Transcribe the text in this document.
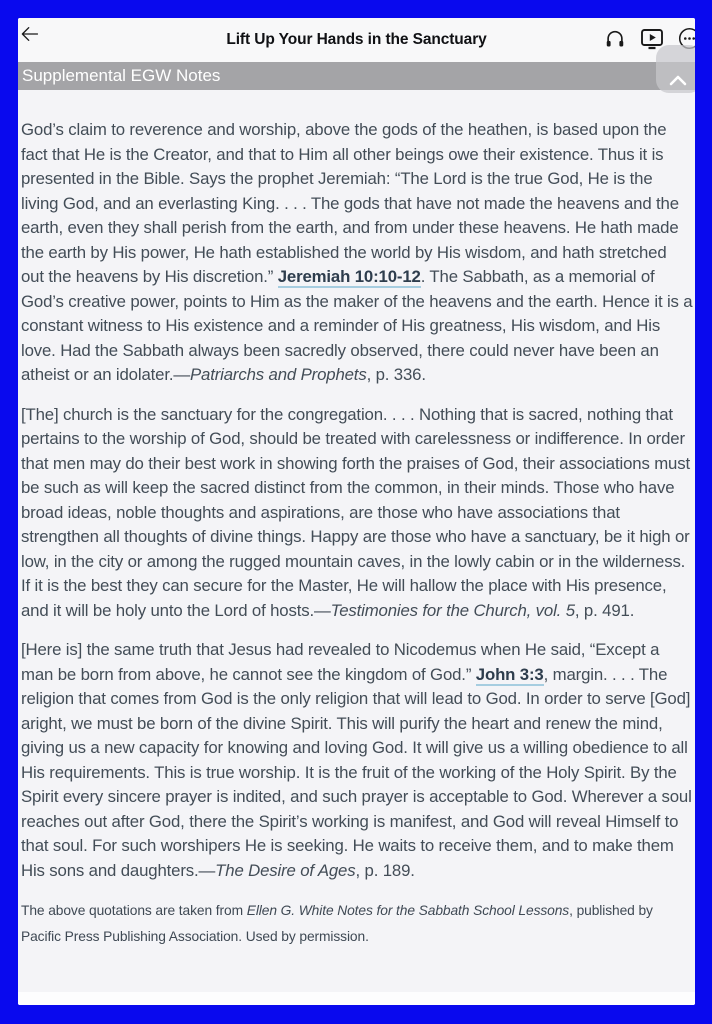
Lift Up Your Hands in the Sanctuary
Supplemental EGW Notes

God’s claim to reverence and worship, above the gods of the heathen, is based upon the fact that He is the Creator, and that to Him all other beings owe their existence. Thus it is presented in the Bible. Says the prophet Jeremiah: “The Lord is the true God, He is the living God, and an everlasting King. . . . The gods that have not made the heavens and the earth, even they shall perish from the earth, and from under these heavens. He hath made the earth by His power, He hath established the world by His wisdom, and hath stretched out the heavens by His discretion.” Jeremiah 10:10-12. The Sabbath, as a memorial of God’s creative power, points to Him as the maker of the heavens and the earth. Hence it is a constant witness to His existence and a reminder of His greatness, His wisdom, and His love. Had the Sabbath always been sacredly observed, there could never have been an atheist or an idolater.—Patriarchs and Prophets, p. 336.

[The] church is the sanctuary for the congregation. . . . Nothing that is sacred, nothing that pertains to the worship of God, should be treated with carelessness or indifference. In order that men may do their best work in showing forth the praises of God, their associations must be such as will keep the sacred distinct from the common, in their minds. Those who have broad ideas, noble thoughts and aspirations, are those who have associations that strengthen all thoughts of divine things. Happy are those who have a sanctuary, be it high or low, in the city or among the rugged mountain caves, in the lowly cabin or in the wilderness. If it is the best they can secure for the Master, He will hallow the place with His presence, and it will be holy unto the Lord of hosts.—Testimonies for the Church, vol. 5, p. 491.

[Here is] the same truth that Jesus had revealed to Nicodemus when He said, “Except a man be born from above, he cannot see the kingdom of God.” John 3:3, margin. . . . The religion that comes from God is the only religion that will lead to God. In order to serve [God] aright, we must be born of the divine Spirit. This will purify the heart and renew the mind, giving us a new capacity for knowing and loving God. It will give us a willing obedience to all His requirements. This is true worship. It is the fruit of the working of the Holy Spirit. By the Spirit every sincere prayer is indited, and such prayer is acceptable to God. Wherever a soul reaches out after God, there the Spirit’s working is manifest, and God will reveal Himself to that soul. For such worshipers He is seeking. He waits to receive them, and to make them His sons and daughters.—The Desire of Ages, p. 189.

The above quotations are taken from Ellen G. White Notes for the Sabbath School Lessons, published by Pacific Press Publishing Association. Used by permission.
